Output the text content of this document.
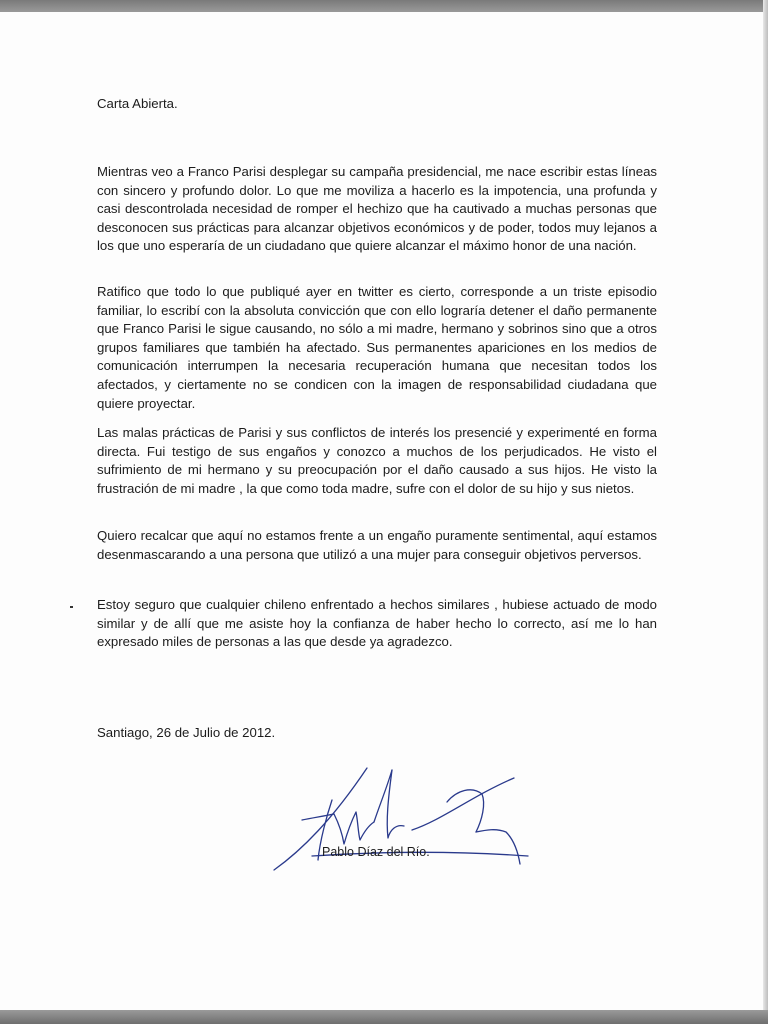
Carta Abierta.

Mientras veo a Franco Parisi desplegar su campaña presidencial, me nace escribir estas líneas con sincero y profundo dolor. Lo que me moviliza a hacerlo es la impotencia, una profunda y casi descontrolada necesidad de romper el hechizo que ha cautivado a muchas personas que desconocen sus prácticas para alcanzar objetivos económicos y de poder, todos muy lejanos a los que uno esperaría de un ciudadano que quiere alcanzar el máximo honor de una nación.

Ratifico que todo lo que publiqué ayer en twitter es cierto, corresponde a un triste episodio familiar, lo escribí con la absoluta convicción que con ello lograría detener el daño permanente que Franco Parisi le sigue causando, no sólo a mi madre, hermano y sobrinos sino que a otros grupos familiares que también ha afectado. Sus permanentes apariciones en los medios de comunicación interrumpen la necesaria recuperación humana que necesitan todos los afectados, y ciertamente no se condicen con la imagen de responsabilidad ciudadana que quiere proyectar.

Las malas prácticas de Parisi y sus conflictos de interés los presencié y experimenté en forma directa. Fui testigo de sus engaños y conozco a muchos de los perjudicados. He visto el sufrimiento de mi hermano y su preocupación por el daño causado a sus hijos. He visto la frustración de mi madre , la que como toda madre, sufre con el dolor de su hijo y sus nietos.

Quiero recalcar que aquí no estamos frente a un engaño puramente sentimental, aquí estamos desenmascarando a una persona que utilizó a una mujer para conseguir objetivos perversos.

Estoy seguro que cualquier chileno enfrentado a hechos similares , hubiese actuado de modo similar y de allí que me asiste hoy la confianza de haber hecho lo correcto, así me lo han expresado miles de personas a las que desde ya agradezco.

Santiago, 26 de Julio de 2012.

Pablo Díaz del Río.
